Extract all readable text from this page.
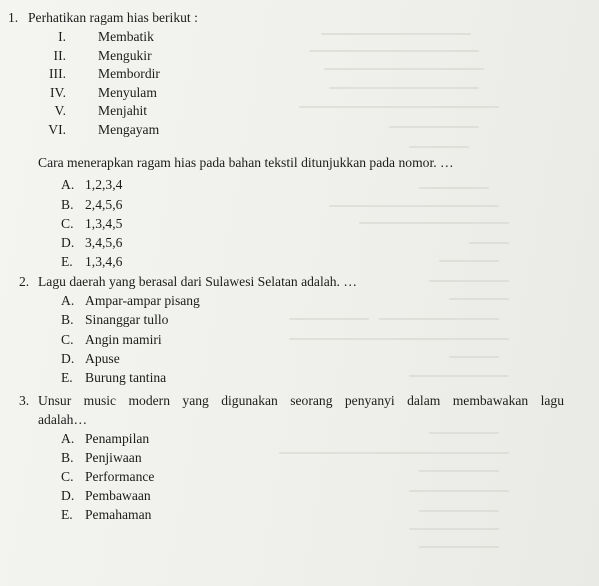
1. Perhatikan ragam hias berikut :
I. Membatik
II. Mengukir
III. Membordir
IV. Menyulam
V. Menjahit
VI. Mengayam
Cara menerapkan ragam hias pada bahan tekstil ditunjukkan pada nomor. …
A. 1,2,3,4
B. 2,4,5,6
C. 1,3,4,5
D. 3,4,5,6
E. 1,3,4,6
2. Lagu daerah yang berasal dari Sulawesi Selatan adalah. …
A. Ampar-ampar pisang
B. Sinanggar tullo
C. Angin mamiri
D. Apuse
E. Burung tantina
3. Unsur music modern yang digunakan seorang penyanyi dalam membawakan lagu
adalah…
A. Penampilan
B. Penjiwaan
C. Performance
D. Pembawaan
E. Pemahaman
